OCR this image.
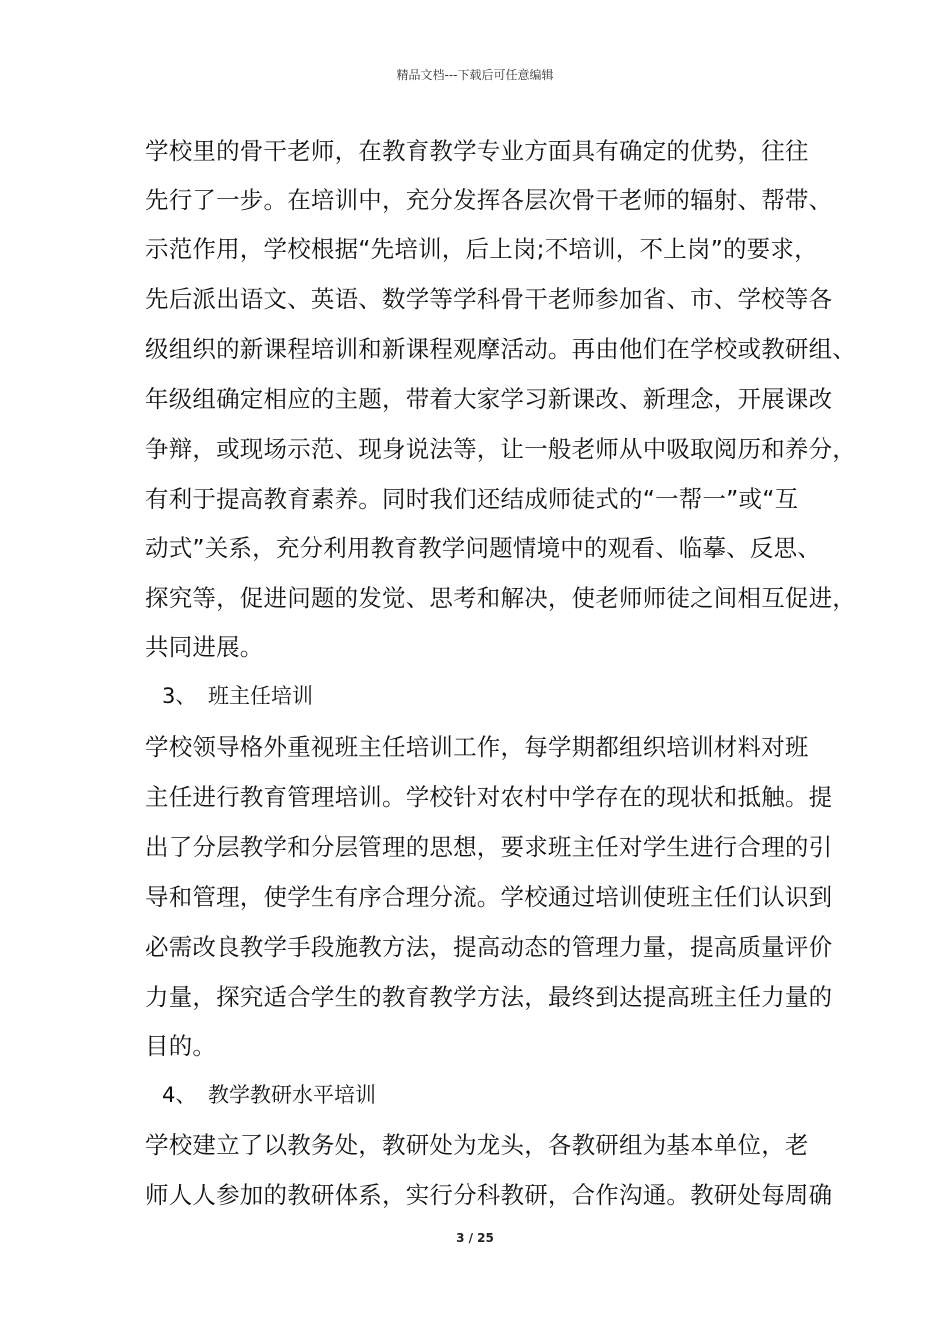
精品文档---下载后可任意编辑
学校里的骨干老师，在教育教学专业方面具有确定的优势，往往
先行了一步。在培训中，充分发挥各层次骨干老师的辐射、帮带、
示范作用，学校根据“先培训，后上岗;不培训，不上岗”的要求，
先后派出语文、英语、数学等学科骨干老师参加省、市、学校等各
级组织的新课程培训和新课程观摩活动。再由他们在学校或教研组、
年级组确定相应的主题，带着大家学习新课改、新理念，开展课改
争辩，或现场示范、现身说法等，让一般老师从中吸取阅历和养分，
有利于提高教育素养。同时我们还结成师徒式的“一帮一”或“互
动式”关系，充分利用教育教学问题情境中的观看、临摹、反思、
探究等，促进问题的发觉、思考和解决，使老师师徒之间相互促进，
共同进展。
3、 班主任培训
学校领导格外重视班主任培训工作，每学期都组织培训材料对班
主任进行教育管理培训。学校针对农村中学存在的现状和抵触。提
出了分层教学和分层管理的思想，要求班主任对学生进行合理的引
导和管理，使学生有序合理分流。学校通过培训使班主任们认识到
必需改良教学手段施教方法，提高动态的管理力量，提高质量评价
力量，探究适合学生的教育教学方法，最终到达提高班主任力量的
目的。
4、 教学教研水平培训
学校建立了以教务处，教研处为龙头，各教研组为基本单位，老
师人人参加的教研体系，实行分科教研，合作沟通。教研处每周确
3 / 25
